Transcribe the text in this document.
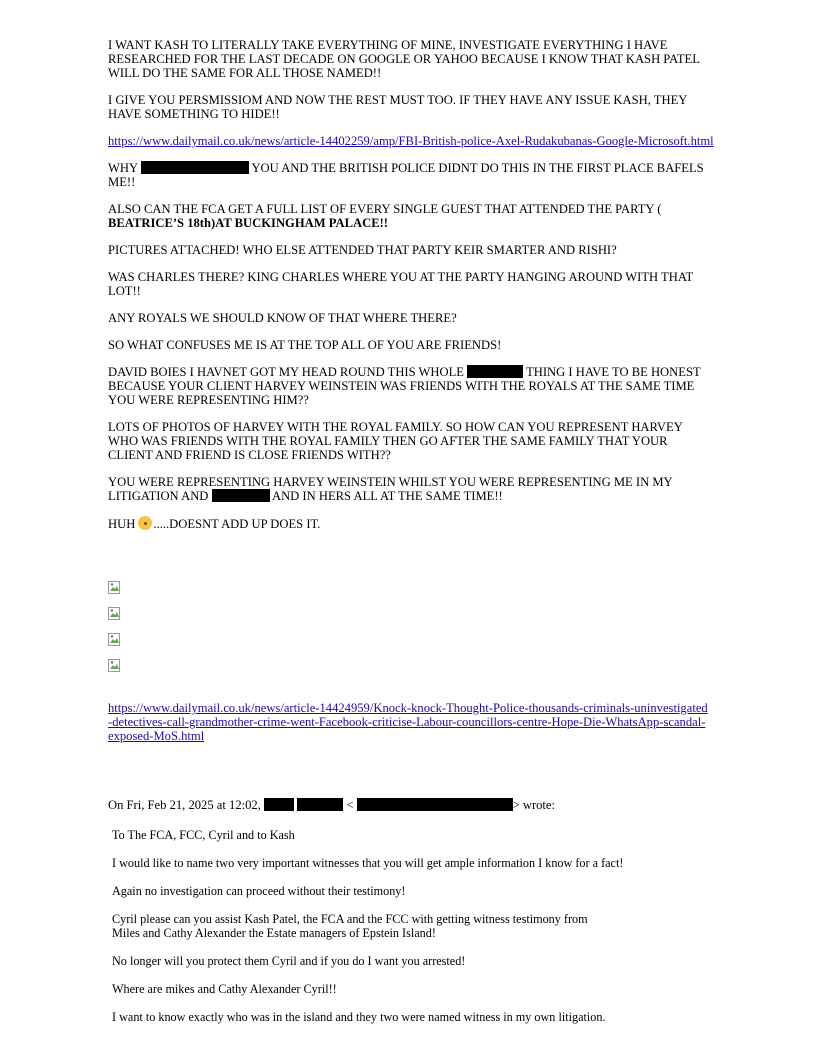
I WANT KASH TO LITERALLY TAKE EVERYTHING OF MINE, INVESTIGATE EVERYTHING I HAVE RESEARCHED FOR THE LAST DECADE ON GOOGLE OR YAHOO BECAUSE I KNOW THAT KASH PATEL WILL DO THE SAME FOR ALL THOSE NAMED!!

I GIVE YOU PERSMISSIOM AND NOW THE REST MUST TOO. IF THEY HAVE ANY ISSUE KASH, THEY HAVE SOMETHING TO HIDE!!

https://www.dailymail.co.uk/news/article-14402259/amp/FBI-British-police-Axel-Rudakubanas-Google-Microsoft.html

WHY	YOU AND THE BRITISH POLICE DIDNT DO THIS IN THE FIRST PLACE BAFELS ME!!

ALSO CAN THE FCA GET A FULL LIST OF EVERY SINGLE GUEST THAT ATTENDED THE PARTY ( BEATRICE’S 18th)AT BUCKINGHAM PALACE!!

PICTURES ATTACHED! WHO ELSE ATTENDED THAT PARTY KEIR SMARTER AND RISHI?

WAS CHARLES THERE? KING CHARLES WHERE YOU AT THE PARTY HANGING AROUND WITH THAT LOT!!

ANY ROYALS WE SHOULD KNOW OF THAT WHERE THERE?

SO WHAT CONFUSES ME IS AT THE TOP ALL OF YOU ARE FRIENDS!

DAVID BOIES I HAVNET GOT MY HEAD ROUND THIS WHOLE	THING I HAVE TO BE HONEST BECAUSE YOUR CLIENT HARVEY WEINSTEIN WAS FRIENDS WITH THE ROYALS AT THE SAME TIME YOU WERE REPRESENTING HIM??

LOTS OF PHOTOS OF HARVEY WITH THE ROYAL FAMILY. SO HOW CAN YOU REPRESENT HARVEY WHO WAS FRIENDS WITH THE ROYAL FAMILY THEN GO AFTER THE SAME FAMILY THAT YOUR CLIENT AND FRIEND IS CLOSE FRIENDS WITH??

YOU WERE REPRESENTING HARVEY WEINSTEIN WHILST YOU WERE REPRESENTING ME IN MY LITIGATION AND	AND IN HERS ALL AT THE SAME TIME!!

HUH .....DOESNT ADD UP DOES IT.

https://www.dailymail.co.uk/news/article-14424959/Knock-knock-Thought-Police-thousands-criminals-uninvestigated-detectives-call-grandmother-crime-went-Facebook-criticise-Labour-councillors-centre-Hope-Die-WhatsApp-scandal-exposed-MoS.html

On Fri, Feb 21, 2025 at 12:02,	<	> wrote:

To The FCA, FCC, Cyril and to Kash

I would like to name two very important witnesses that you will get ample information I know for a fact!

Again no investigation can proceed without their testimony!

Cyril please can you assist Kash Patel, the FCA and the FCC with getting witness testimony from Miles and Cathy Alexander the Estate managers of Epstein Island!

No longer will you protect them Cyril and if you do I want you arrested!

Where are mikes and Cathy Alexander Cyril!!

I want to know exactly who was in the island and they two were named witness in my own litigation.
